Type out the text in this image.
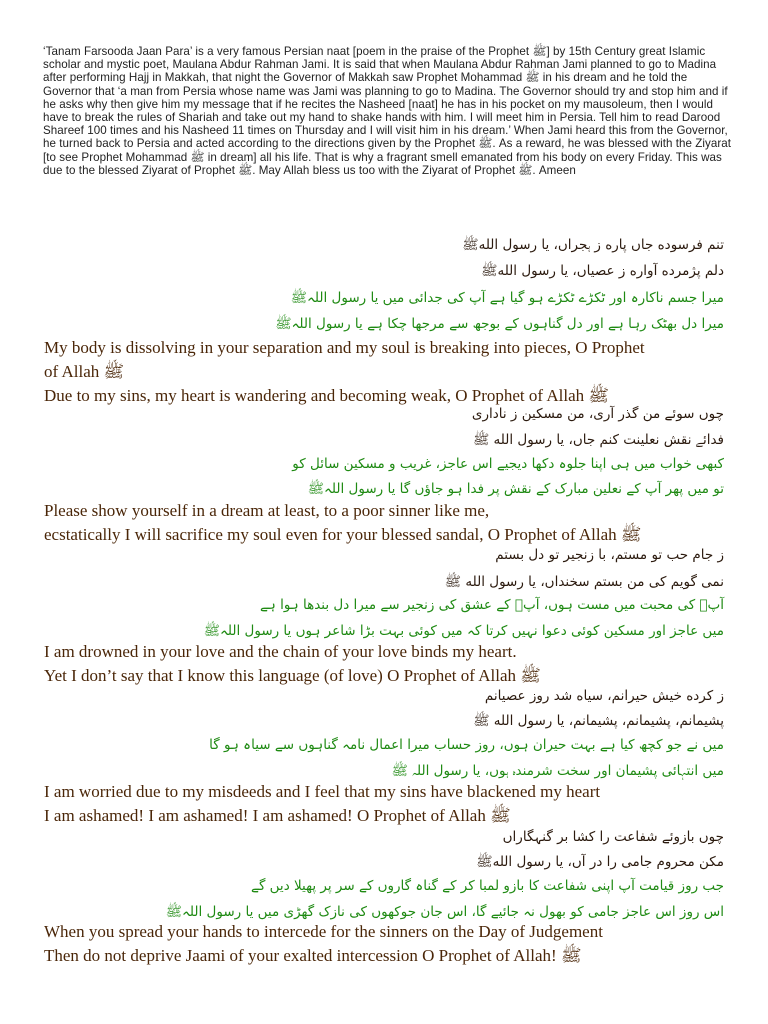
‘Tanam Farsooda Jaan Para’ is a very famous Persian naat [poem in the praise of the Prophet ﷺ] by 15th Century great Islamic scholar and mystic poet, Maulana Abdur Rahman Jami. It is said that when Maulana Abdur Rahman Jami planned to go to Madina after performing Hajj in Makkah, that night the Governor of Makkah saw Prophet Mohammad ﷺ in his dream and he told the Governor that ‘a man from Persia whose name was Jami was planning to go to Madina. The Governor should try and stop him and if he asks why then give him my message that if he recites the Nasheed [naat] he has in his pocket on my mausoleum, then I would have to break the rules of Shariah and take out my hand to shake hands with him. I will meet him in Persia. Tell him to read Darood Shareef 100 times and his Nasheed 11 times on Thursday and I will visit him in his dream.’ When Jami heard this from the Governor, he turned back to Persia and acted according to the directions given by the Prophet ﷺ. As a reward, he was blessed with the Ziyarat [to see Prophet Mohammad ﷺ in dream] all his life. That is why a fragrant smell emanated from his body on every Friday. This was due to the blessed Ziyarat of Prophet ﷺ. May Allah bless us too with the Ziyarat of Prophet ﷺ. Ameen
تنم فرسوده جاں پاره ز ہجراں، یا رسول اللهﷺ
دلم پژمرده آواره ز عصیاں، یا رسول اللهﷺ
میرا جسم ناکارہ اور ٹکڑے ٹکڑے ہو گیا ہے آپ کی جدائی میں یا رسول اللہﷺ
میرا دل بھٹک رہا ہے اور دل گناہوں کے بوجھ سے مرجھا چکا ہے یا رسول اللہﷺ
My body is dissolving in your separation and my soul is breaking into pieces, O Prophet
of Allah ﷺ
Due to my sins, my heart is wandering and becoming weak, O Prophet of Allah ﷺ
چوں سوئے من گذر آری، من مسکین ز ناداری
فدائے نقش نعلینت کنم جاں، یا رسول الله ﷺ
کبھی خواب میں ہی اپنا جلوہ دکھا دیجیے اس عاجز، غریب و مسکین سائل کو
تو میں پھر آپ کے نعلین مبارک کے نقش پر فدا ہو جاؤں گا یا رسول اللہﷺ
Please show yourself in a dream at least, to a poor sinner like me,
ecstatically I will sacrifice my soul even for your blessed sandal, O Prophet of Allah ﷺ
ز جام حب تو مستم، با زنجیر تو دل بستم
نمی گویم کی من بستم سخنداں، یا رسول الله ﷺ
آپؐ کی محبت میں مست ہوں، آپؐ کے عشق کی زنجیر سے میرا دل بندھا ہوا ہے
میں عاجز اور مسکین کوئی دعوا نہیں کرتا کہ میں کوئی بہت بڑا شاعر ہوں یا رسول اللہﷺ
I am drowned in your love and the chain of your love binds my heart.
Yet I don’t say that I know this language (of love) O Prophet of Allah ﷺ
ز کرده خیش حیرانم، سیاه شد روز عصیانم
پشیمانم، پشیمانم، پشیمانم، یا رسول الله ﷺ
میں نے جو کچھ کیا ہے بہت حیران ہوں، روز حساب میرا اعمال نامہ گناہوں سے سیاہ ہو گا
میں انتہائی پشیمان اور سخت شرمندہ ہوں، یا رسول اللہ ﷺ
I am worried due to my misdeeds and I feel that my sins have blackened my heart
I am ashamed! I am ashamed! I am ashamed! O Prophet of Allah ﷺ
چوں بازوئے شفاعت را کشا بر گنہگاراں
مکن محروم جامی را در آں، یا رسول اللهﷺ
جب روز قیامت آپ اپنی شفاعت کا بازو لمبا کر کے گناہ گاروں کے سر پر پھیلا دیں گے
اس روز اس عاجز جامی کو بھول نہ جائیے گا، اس جان جوکھوں کی نازک گھڑی میں یا رسول اللہﷺ
When you spread your hands to intercede for the sinners on the Day of Judgement
Then do not deprive Jaami of your exalted intercession O Prophet of Allah! ﷺ
